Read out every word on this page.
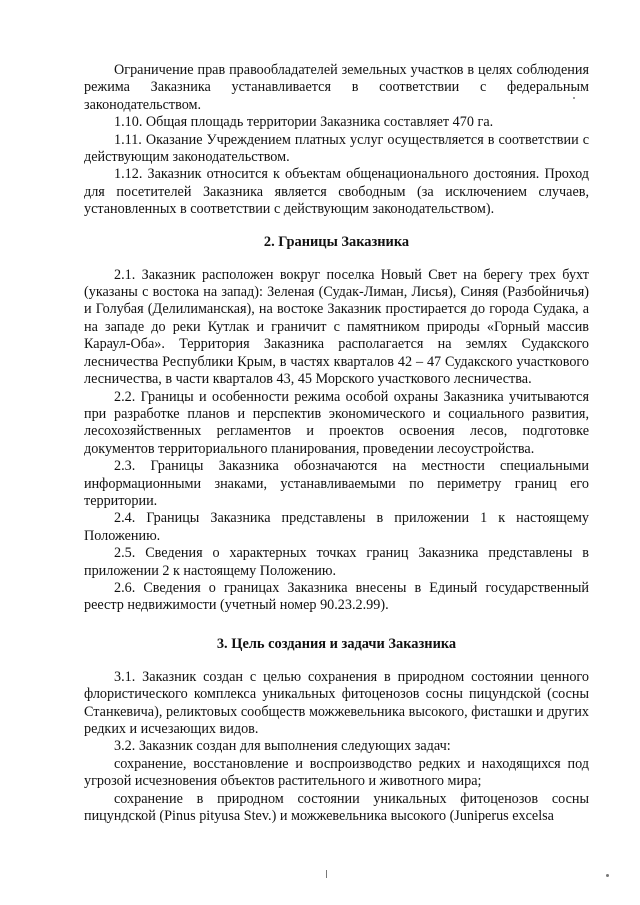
Ограничение прав правообладателей земельных участков в целях соблюдения режима Заказника устанавливается в соответствии с федеральным законодательством.

1.10. Общая площадь территории Заказника составляет 470 га.

1.11. Оказание Учреждением платных услуг осуществляется в соответствии с действующим законодательством.

1.12. Заказник относится к объектам общенационального достояния. Проход для посетителей Заказника является свободным (за исключением случаев, установленных в соответствии с действующим законодательством).

2. Границы Заказника

2.1. Заказник расположен вокруг поселка Новый Свет на берегу трех бухт (указаны с востока на запад): Зеленая (Судак-Лиман, Лисья), Синяя (Разбойничья) и Голубая (Делилиманская), на востоке Заказник простирается до города Судака, а на западе до реки Кутлак и граничит с памятником природы «Горный массив Караул-Оба». Территория Заказника располагается на землях Судакского лесничества Республики Крым, в частях кварталов 42 – 47 Судакского участкового лесничества, в части кварталов 43, 45 Морского участкового лесничества.

2.2. Границы и особенности режима особой охраны Заказника учитываются при разработке планов и перспектив экономического и социального развития, лесохозяйственных регламентов и проектов освоения лесов, подготовке документов территориального планирования, проведении лесоустройства.

2.3. Границы Заказника обозначаются на местности специальными информационными знаками, устанавливаемыми по периметру границ его территории.

2.4. Границы Заказника представлены в приложении 1 к настоящему Положению.

2.5. Сведения о характерных точках границ Заказника представлены в приложении 2 к настоящему Положению.

2.6. Сведения о границах Заказника внесены в Единый государственный реестр недвижимости (учетный номер 90.23.2.99).

3. Цель создания и задачи Заказника

3.1. Заказник создан с целью сохранения в природном состоянии ценного флористического комплекса уникальных фитоценозов сосны пицундской (сосны Станкевича), реликтовых сообществ можжевельника высокого, фисташки и других редких и исчезающих видов.

3.2. Заказник создан для выполнения следующих задач:

сохранение, восстановление и воспроизводство редких и находящихся под угрозой исчезновения объектов растительного и животного мира;

сохранение в природном состоянии уникальных фитоценозов сосны пицундской (Pinus pityusa Stev.) и можжевельника высокого (Juniperus excelsa
